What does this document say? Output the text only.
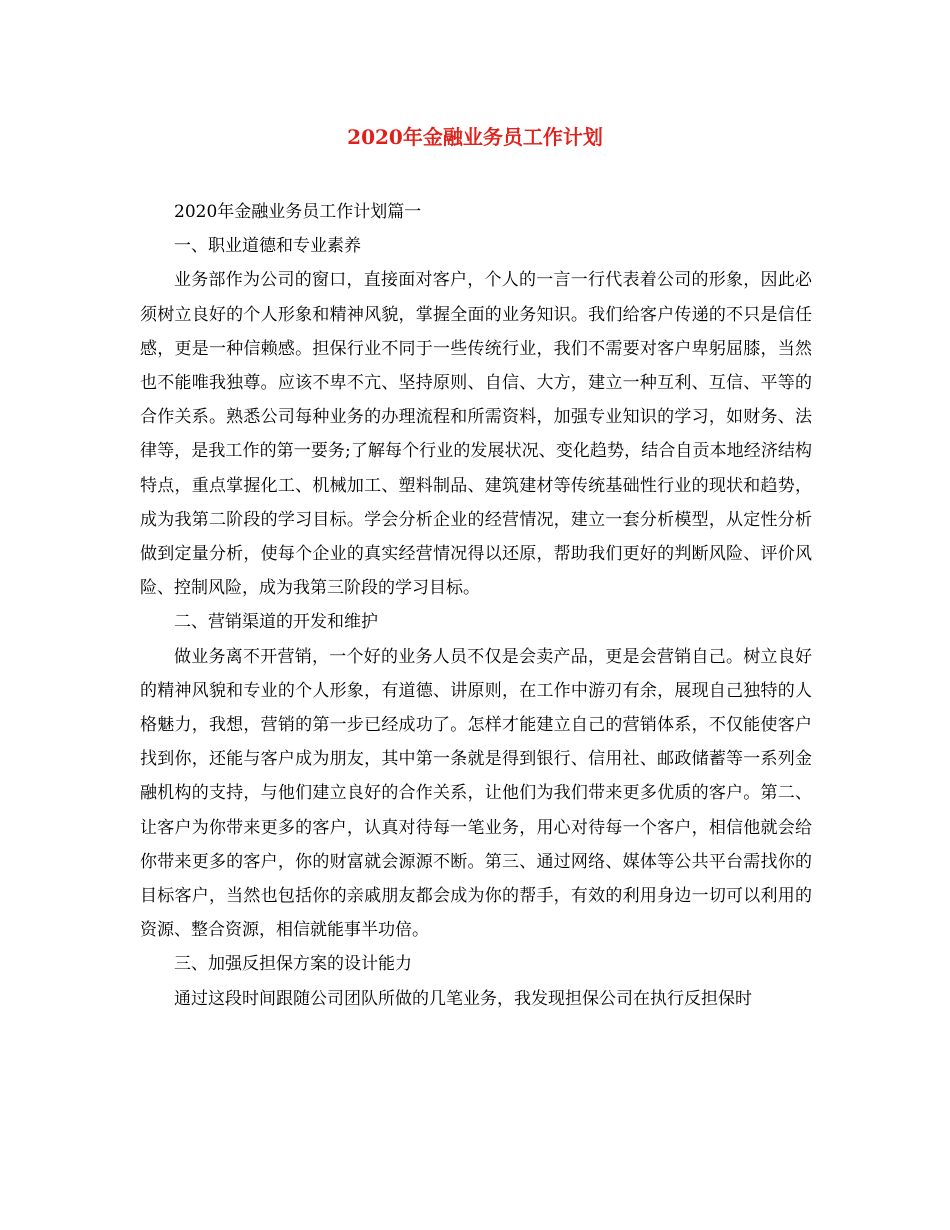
2020年金融业务员工作计划

2020年金融业务员工作计划篇一

一、职业道德和专业素养

业务部作为公司的窗口，直接面对客户，个人的一言一行代表着公司的形象，因此必须树立良好的个人形象和精神风貌，掌握全面的业务知识。我们给客户传递的不只是信任感，更是一种信赖感。担保行业不同于一些传统行业，我们不需要对客户卑躬屈膝，当然也不能唯我独尊。应该不卑不亢、坚持原则、自信、大方，建立一种互利、互信、平等的合作关系。熟悉公司每种业务的办理流程和所需资料，加强专业知识的学习，如财务、法律等，是我工作的第一要务;了解每个行业的发展状况、变化趋势，结合自贡本地经济结构特点，重点掌握化工、机械加工、塑料制品、建筑建材等传统基础性行业的现状和趋势，成为我第二阶段的学习目标。学会分析企业的经营情况，建立一套分析模型，从定性分析做到定量分析，使每个企业的真实经营情况得以还原，帮助我们更好的判断风险、评价风险、控制风险，成为我第三阶段的学习目标。

二、营销渠道的开发和维护

做业务离不开营销，一个好的业务人员不仅是会卖产品，更是会营销自己。树立良好的精神风貌和专业的个人形象，有道德、讲原则，在工作中游刃有余，展现自己独特的人格魅力，我想，营销的第一步已经成功了。怎样才能建立自己的营销体系，不仅能使客户找到你，还能与客户成为朋友，其中第一条就是得到银行、信用社、邮政储蓄等一系列金融机构的支持，与他们建立良好的合作关系，让他们为我们带来更多优质的客户。第二、让客户为你带来更多的客户，认真对待每一笔业务，用心对待每一个客户，相信他就会给你带来更多的客户，你的财富就会源源不断。第三、通过网络、媒体等公共平台需找你的目标客户，当然也包括你的亲戚朋友都会成为你的帮手，有效的利用身边一切可以利用的资源、整合资源，相信就能事半功倍。

三、加强反担保方案的设计能力

通过这段时间跟随公司团队所做的几笔业务，我发现担保公司在执行反担保时
